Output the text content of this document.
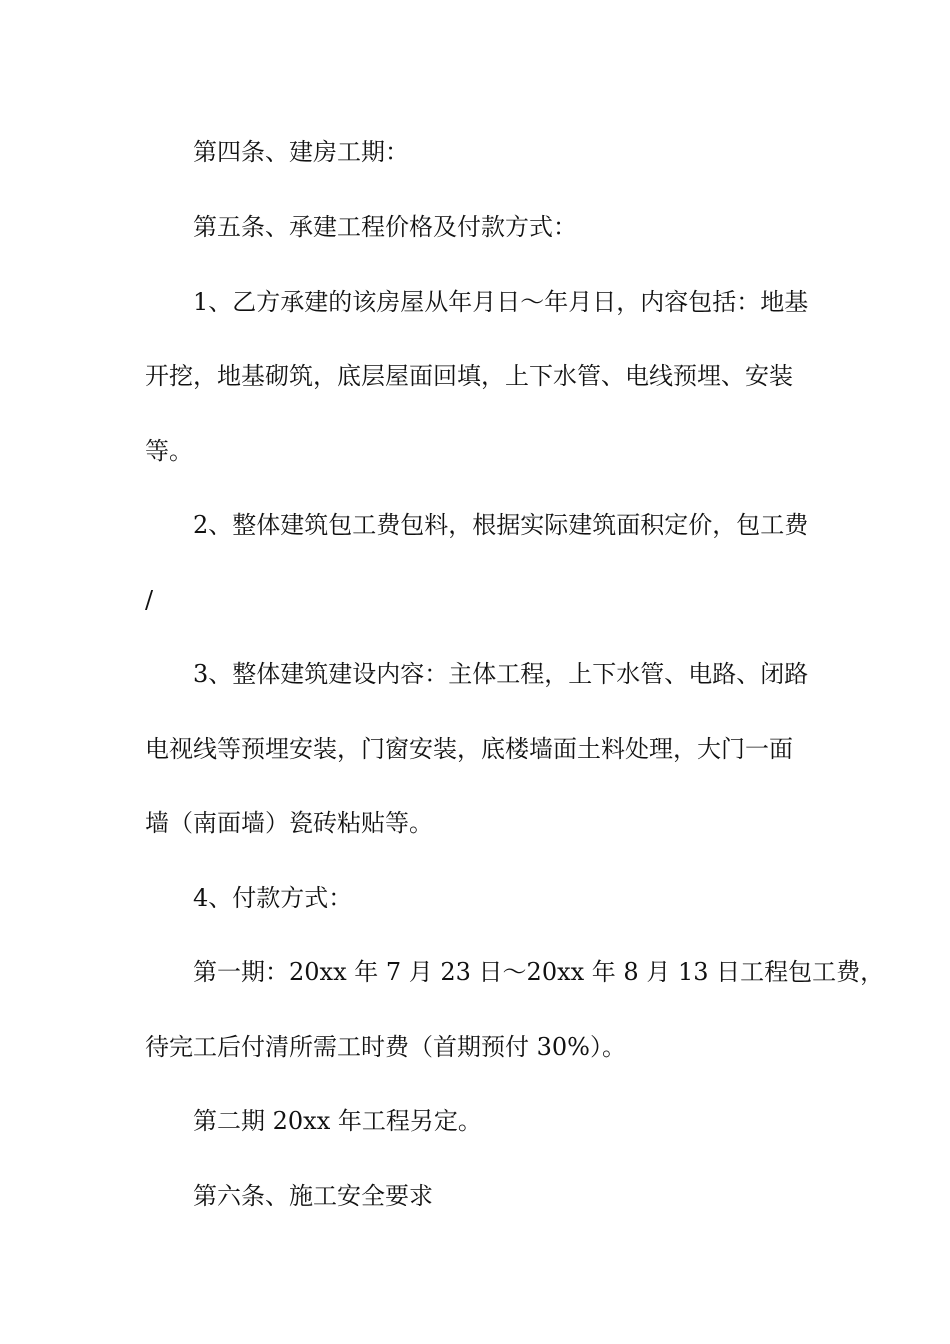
第四条、建房工期：
第五条、承建工程价格及付款方式：
1、乙方承建的该房屋从年月日～年月日，内容包括：地基
开挖，地基砌筑，底层屋面回填，上下水管、电线预埋、安装
等。
2、整体建筑包工费包料，根据实际建筑面积定价，包工费
/
3、整体建筑建设内容：主体工程，上下水管、电路、闭路
电视线等预埋安装，门窗安装，底楼墙面土料处理，大门一面
墙（南面墙）瓷砖粘贴等。
4、付款方式：
第一期：20xx 年 7 月 23 日～20xx 年 8 月 13 日工程包工费，
待完工后付清所需工时费（首期预付 30%）。
第二期 20xx 年工程另定。
第六条、施工安全要求
